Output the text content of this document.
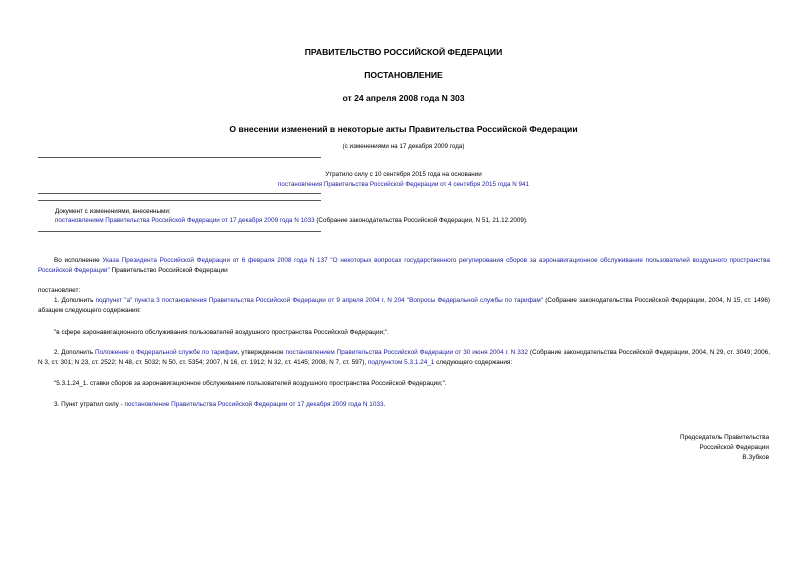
ПРАВИТЕЛЬСТВО РОССИЙСКОЙ ФЕДЕРАЦИИ
ПОСТАНОВЛЕНИЕ
от 24 апреля 2008 года N 303
О внесении изменений в некоторые акты Правительства Российской Федерации
(с изменениями на 17 декабря 2009 года)
Утратило силу с 10 сентября 2015 года на основании
постановления Правительства Российской Федерации от 4 сентября 2015 года N 941
Документ с изменениями, внесенными:
постановлением Правительства Российской Федерации от 17 декабря 2009 года N 1033 (Собрание законодательства Российской Федерации, N 51, 21.12.2009).
Во исполнение Указа Президента Российской Федерации от 6 февраля 2008 года N 137 "О некоторых вопросах государственного регулирования сборов за аэронавигационное обслуживание пользователей воздушного пространства Российской Федерации" Правительство Российской Федерации
постановляет:
1. Дополнить подпункт "а" пункта 3 постановления Правительства Российской Федерации от 9 апреля 2004 г. N 204 "Вопросы Федеральной службы по тарифам" (Собрание законодательства Российской Федерации, 2004, N 15, ст. 1496) абзацем следующего содержания:
"в сфере аэронавигационного обслуживания пользователей воздушного пространства Российской Федерации;".
2. Дополнить Положение о Федеральной службе по тарифам, утвержденное постановлением Правительства Российской Федерации от 30 июня 2004 г. N 332 (Собрание законодательства Российской Федерации, 2004, N 29, ст. 3049; 2006, N 3, ст. 301; N 23, ст. 2522; N 48, ст. 5032; N 50, ст. 5354; 2007, N 16, ст. 1912; N 32, ст. 4145; 2008, N 7, ст. 597), подпунктом 5.3.1.24_1 следующего содержания:
"5.3.1.24_1. ставки сборов за аэронавигационное обслуживание пользователей воздушного пространства Российской Федерации;".
3. Пункт утратил силу - постановление Правительства Российской Федерации от 17 декабря 2009 года N 1033.
Председатель Правительства
Российской Федерации
В.Зубков
